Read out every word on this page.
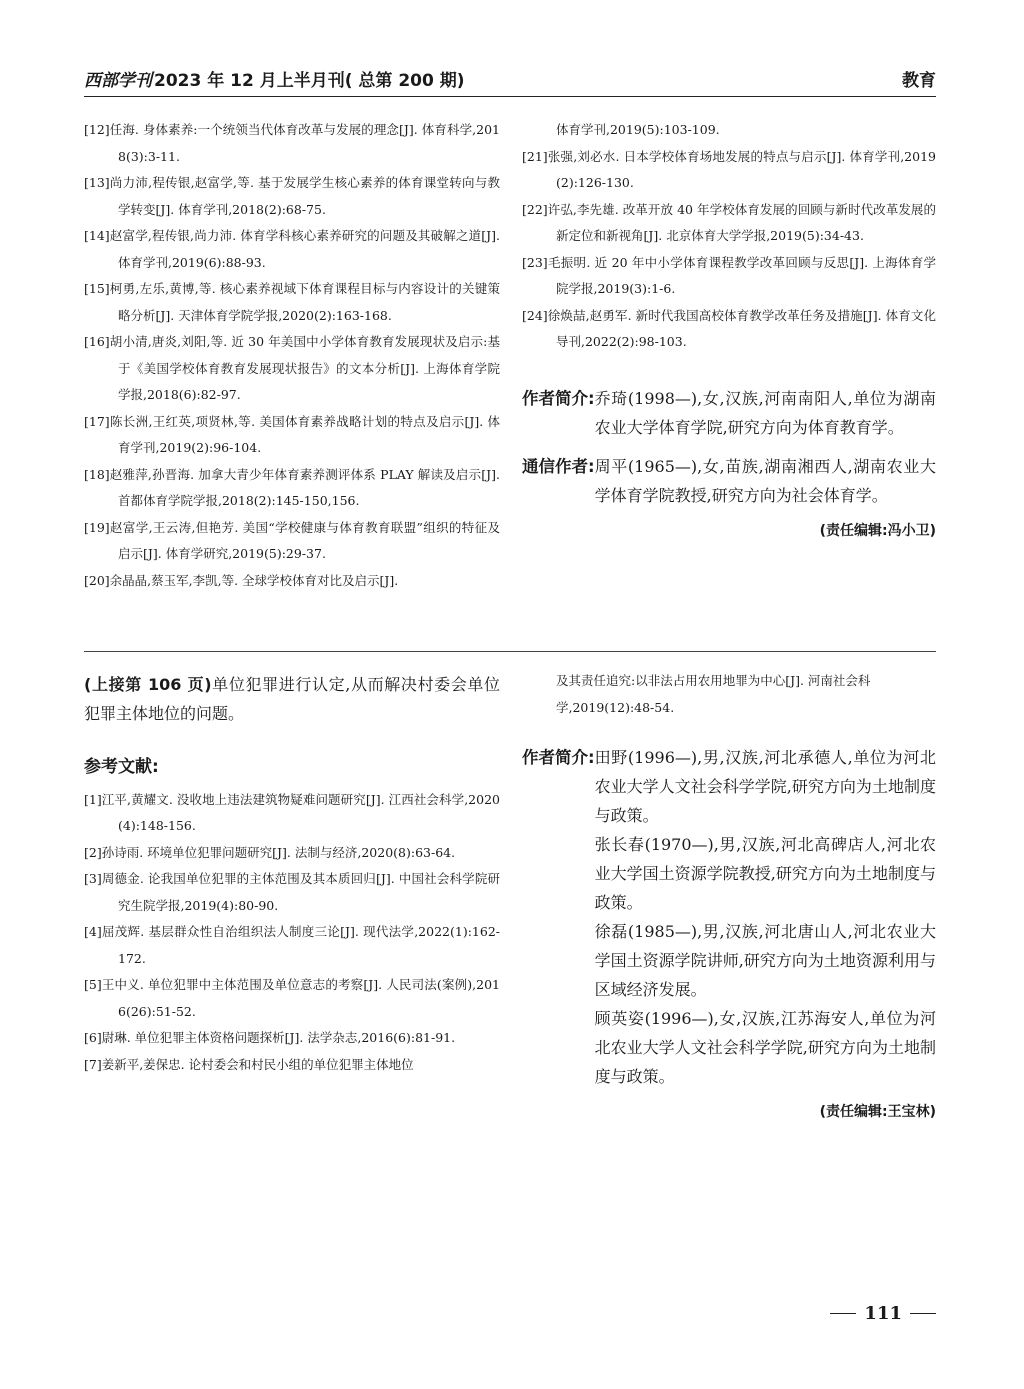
西部学刊 2023 年 12 月上半月刊( 总第 200 期)	教育
[12]任海. 身体素养:一个统领当代体育改革与发展的理念[J]. 体育科学,2018(3):3-11.
[13]尚力沛,程传银,赵富学,等. 基于发展学生核心素养的体育课堂转向与教学转变[J]. 体育学刊,2018(2):68-75.
[14]赵富学,程传银,尚力沛. 体育学科核心素养研究的问题及其破解之道[J]. 体育学刊,2019(6):88-93.
[15]柯勇,左乐,黄博,等. 核心素养视域下体育课程目标与内容设计的关键策略分析[J]. 天津体育学院学报,2020(2):163-168.
[16]胡小清,唐炎,刘阳,等. 近 30 年美国中小学体育教育发展现状及启示:基于《美国学校体育教育发展现状报告》的文本分析[J]. 上海体育学院学报,2018(6):82-97.
[17]陈长洲,王红英,项贤林,等. 美国体育素养战略计划的特点及启示[J]. 体育学刊,2019(2):96-104.
[18]赵雅萍,孙晋海. 加拿大青少年体育素养测评体系 PLAY 解读及启示[J]. 首都体育学院学报,2018(2):145-150,156.
[19]赵富学,王云涛,但艳芳. 美国“学校健康与体育教育联盟”组织的特征及启示[J]. 体育学研究,2019(5):29-37.
[20]余晶晶,蔡玉军,李凯,等. 全球学校体育对比及启示[J].
体育学刊,2019(5):103-109.
[21]张强,刘必水. 日本学校体育场地发展的特点与启示[J]. 体育学刊,2019(2):126-130.
[22]许弘,李先雄. 改革开放 40 年学校体育发展的回顾与新时代改革发展的新定位和新视角[J]. 北京体育大学学报,2019(5):34-43.
[23]毛振明. 近 20 年中小学体育课程教学改革回顾与反思[J]. 上海体育学院学报,2019(3):1-6.
[24]徐焕喆,赵勇军. 新时代我国高校体育教学改革任务及措施[J]. 体育文化导刊,2022(2):98-103.
作者简介: 乔琦(1998—),女,汉族,河南南阳人,单位为湖南农业大学体育学院,研究方向为体育教育学。
通信作者: 周平(1965—),女,苗族,湖南湘西人,湖南农业大学体育学院教授,研究方向为社会体育学。
(责任编辑:冯小卫)
(上接第 106 页)单位犯罪进行认定,从而解决村委会单位犯罪主体地位的问题。
参考文献:
[1]江平,黄耀文. 没收地上违法建筑物疑难问题研究[J]. 江西社会科学,2020(4):148-156.
[2]孙诗雨. 环境单位犯罪问题研究[J]. 法制与经济,2020(8):63-64.
[3]周德金. 论我国单位犯罪的主体范围及其本质回归[J]. 中国社会科学院研究生院学报,2019(4):80-90.
[4]屈茂辉. 基层群众性自治组织法人制度三论[J]. 现代法学,2022(1):162-172.
[5]王中义. 单位犯罪中主体范围及单位意志的考察[J]. 人民司法(案例),2016(26):51-52.
[6]尉琳. 单位犯罪主体资格问题探析[J]. 法学杂志,2016(6):81-91.
[7]姜新平,姜保忠. 论村委会和村民小组的单位犯罪主体地位
及其责任追究:以非法占用农用地罪为中心[J]. 河南社会科学,2019(12):48-54.
作者简介: 田野(1996—),男,汉族,河北承德人,单位为河北农业大学人文社会科学学院,研究方向为土地制度与政策。

张长春(1970—),男,汉族,河北高碑店人,河北农业大学国土资源学院教授,研究方向为土地制度与政策。

徐磊(1985—),男,汉族,河北唐山人,河北农业大学国土资源学院讲师,研究方向为土地资源利用与区域经济发展。

顾英姿(1996—),女,汉族,江苏海安人,单位为河北农业大学人文社会科学学院,研究方向为土地制度与政策。

(责任编辑:王宝林)
111
